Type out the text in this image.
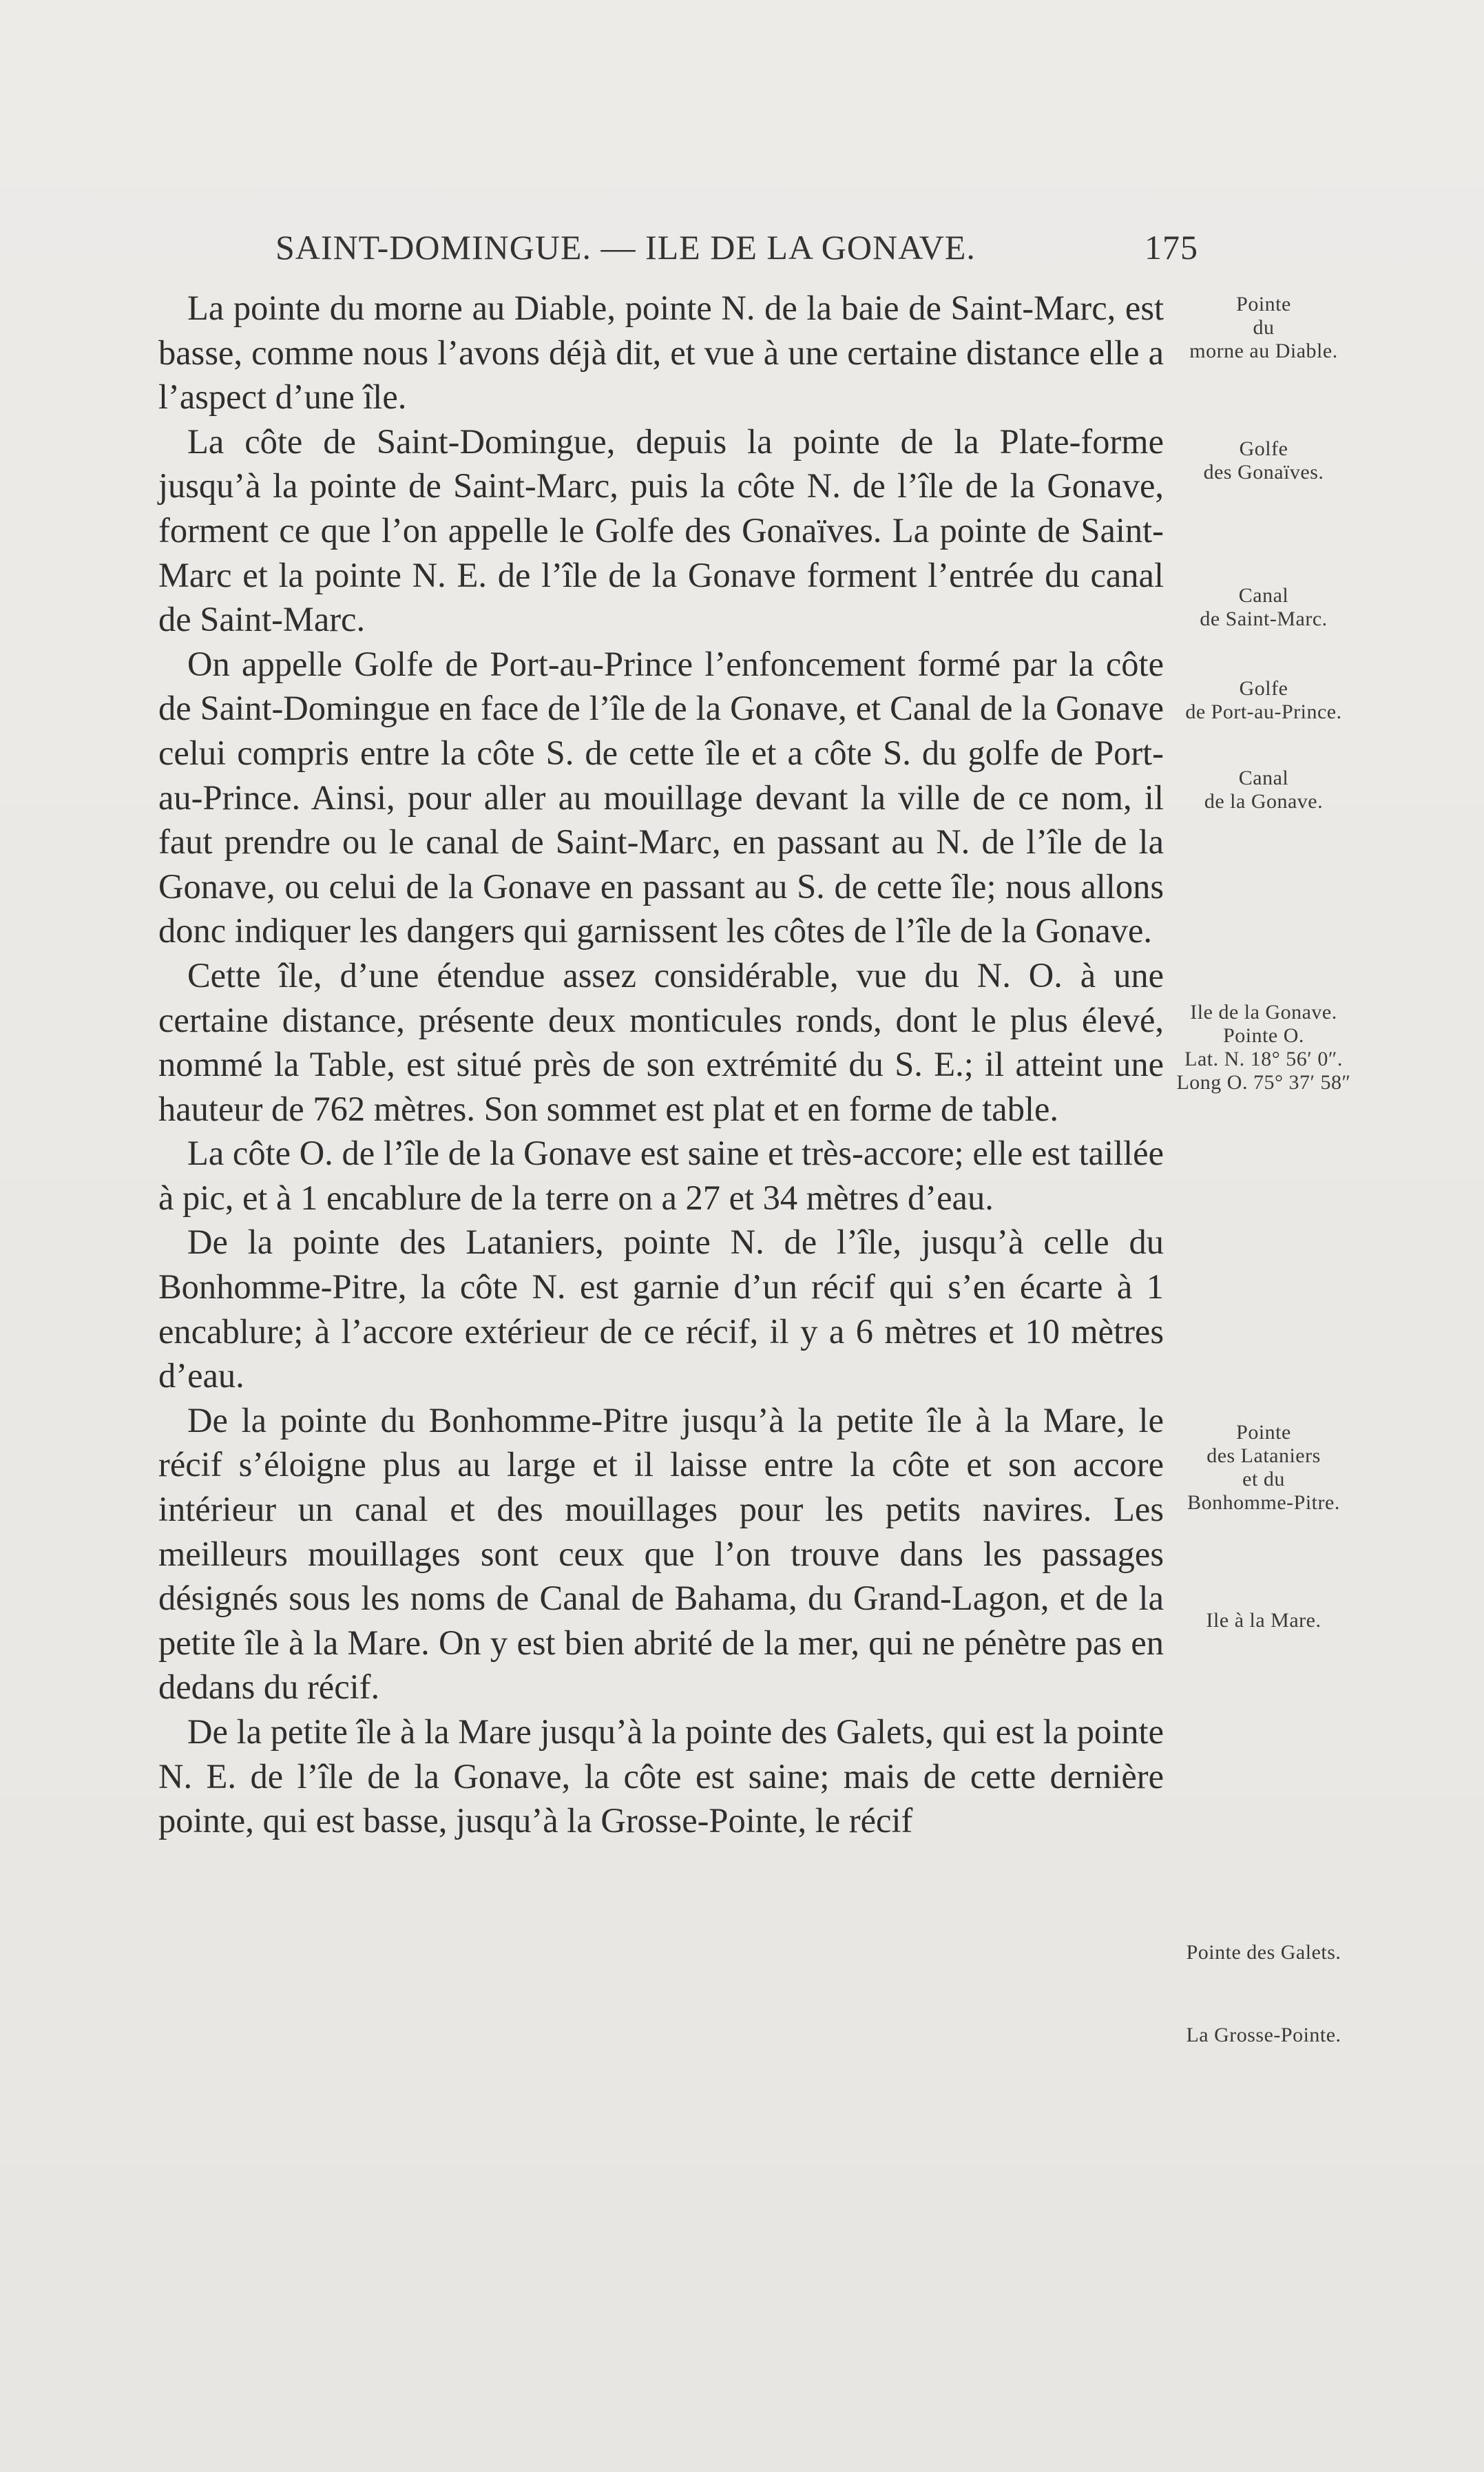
SAINT-DOMINGUE. — ILE DE LA GONAVE.	175

La pointe du morne au Diable, pointe N. de la baie de Saint-Marc, est basse, comme nous l’avons déjà dit, et vue à une certaine distance elle a l’aspect d’une île.

La côte de Saint-Domingue, depuis la pointe de la Plate-forme jusqu’à la pointe de Saint-Marc, puis la côte N. de l’île de la Gonave, forment ce que l’on appelle le Golfe des Gonaïves. La pointe de Saint-Marc et la pointe N. E. de l’île de la Gonave forment l’entrée du canal de Saint-Marc.

On appelle Golfe de Port-au-Prince l’enfoncement formé par la côte de Saint-Domingue en face de l’île de la Gonave, et Canal de la Gonave celui compris entre la côte S. de cette île et a côte S. du golfe de Port-au-Prince. Ainsi, pour aller au mouillage devant la ville de ce nom, il faut prendre ou le canal de Saint-Marc, en passant au N. de l’île de la Gonave, ou celui de la Gonave en passant au S. de cette île; nous allons donc indiquer les dangers qui garnissent les côtes de l’île de la Gonave.

Cette île, d’une étendue assez considérable, vue du N. O. à une certaine distance, présente deux monticules ronds, dont le plus élevé, nommé la Table, est situé près de son extrémité du S. E.; il atteint une hauteur de 762 mètres. Son sommet est plat et en forme de table.

La côte O. de l’île de la Gonave est saine et très-accore; elle est taillée à pic, et à 1 encablure de la terre on a 27 et 34 mètres d’eau.

De la pointe des Lataniers, pointe N. de l’île, jusqu’à celle du Bonhomme-Pitre, la côte N. est garnie d’un récif qui s’en écarte à 1 encablure; à l’accore extérieur de ce récif, il y a 6 mètres et 10 mètres d’eau.

De la pointe du Bonhomme-Pitre jusqu’à la petite île à la Mare, le récif s’éloigne plus au large et il laisse entre la côte et son accore intérieur un canal et des mouillages pour les petits navires. Les meilleurs mouillages sont ceux que l’on trouve dans les passages désignés sous les noms de Canal de Bahama, du Grand-Lagon, et de la petite île à la Mare. On y est bien abrité de la mer, qui ne pénètre pas en dedans du récif.

De la petite île à la Mare jusqu’à la pointe des Galets, qui est la pointe N. E. de l’île de la Gonave, la côte est saine; mais de cette dernière pointe, qui est basse, jusqu’à la Grosse-Pointe, le récif

Pointe
du
morne au Diable.
Golfe
des Gonaïves.
Canal
de Saint-Marc.
Golfe
de Port-au-Prince.
Canal
de la Gonave.
Ile de la Gonave.
Pointe O.
Lat. N. 18° 56′ 0″.
Long O. 75° 37′ 58″
Pointe
des Lataniers
et du
Bonhomme-Pitre.
Ile à la Mare.
Pointe des Galets.
La Grosse-Pointe.
